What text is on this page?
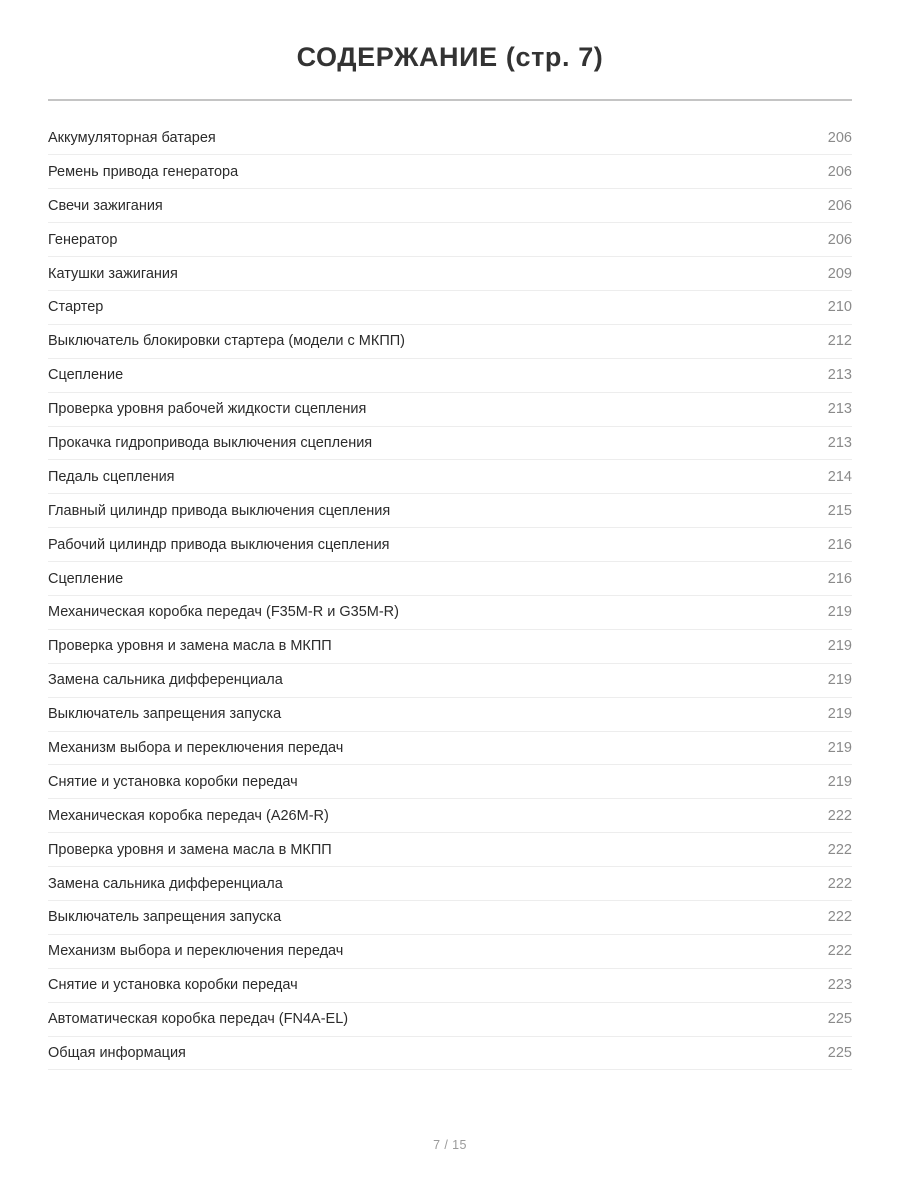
СОДЕРЖАНИЕ (стр. 7)
Аккумуляторная батарея	206
Ремень привода генератора	206
Свечи зажигания	206
Генератор	206
Катушки зажигания	209
Стартер	210
Выключатель блокировки стартера (модели с МКПП)	212
Сцепление	213
Проверка уровня рабочей жидкости сцепления	213
Прокачка гидропривода выключения сцепления	213
Педаль сцепления	214
Главный цилиндр привода выключения сцепления	215
Рабочий цилиндр привода выключения сцепления	216
Сцепление	216
Механическая коробка передач (F35M-R и G35M-R)	219
Проверка уровня и замена масла в МКПП	219
Замена сальника дифференциала	219
Выключатель запрещения запуска	219
Механизм выбора и переключения передач	219
Снятие и установка коробки передач	219
Механическая коробка передач (A26M-R)	222
Проверка уровня и замена масла в МКПП	222
Замена сальника дифференциала	222
Выключатель запрещения запуска	222
Механизм выбора и переключения передач	222
Снятие и установка коробки передач	223
Автоматическая коробка передач (FN4A-EL)	225
Общая информация	225
7 / 15
